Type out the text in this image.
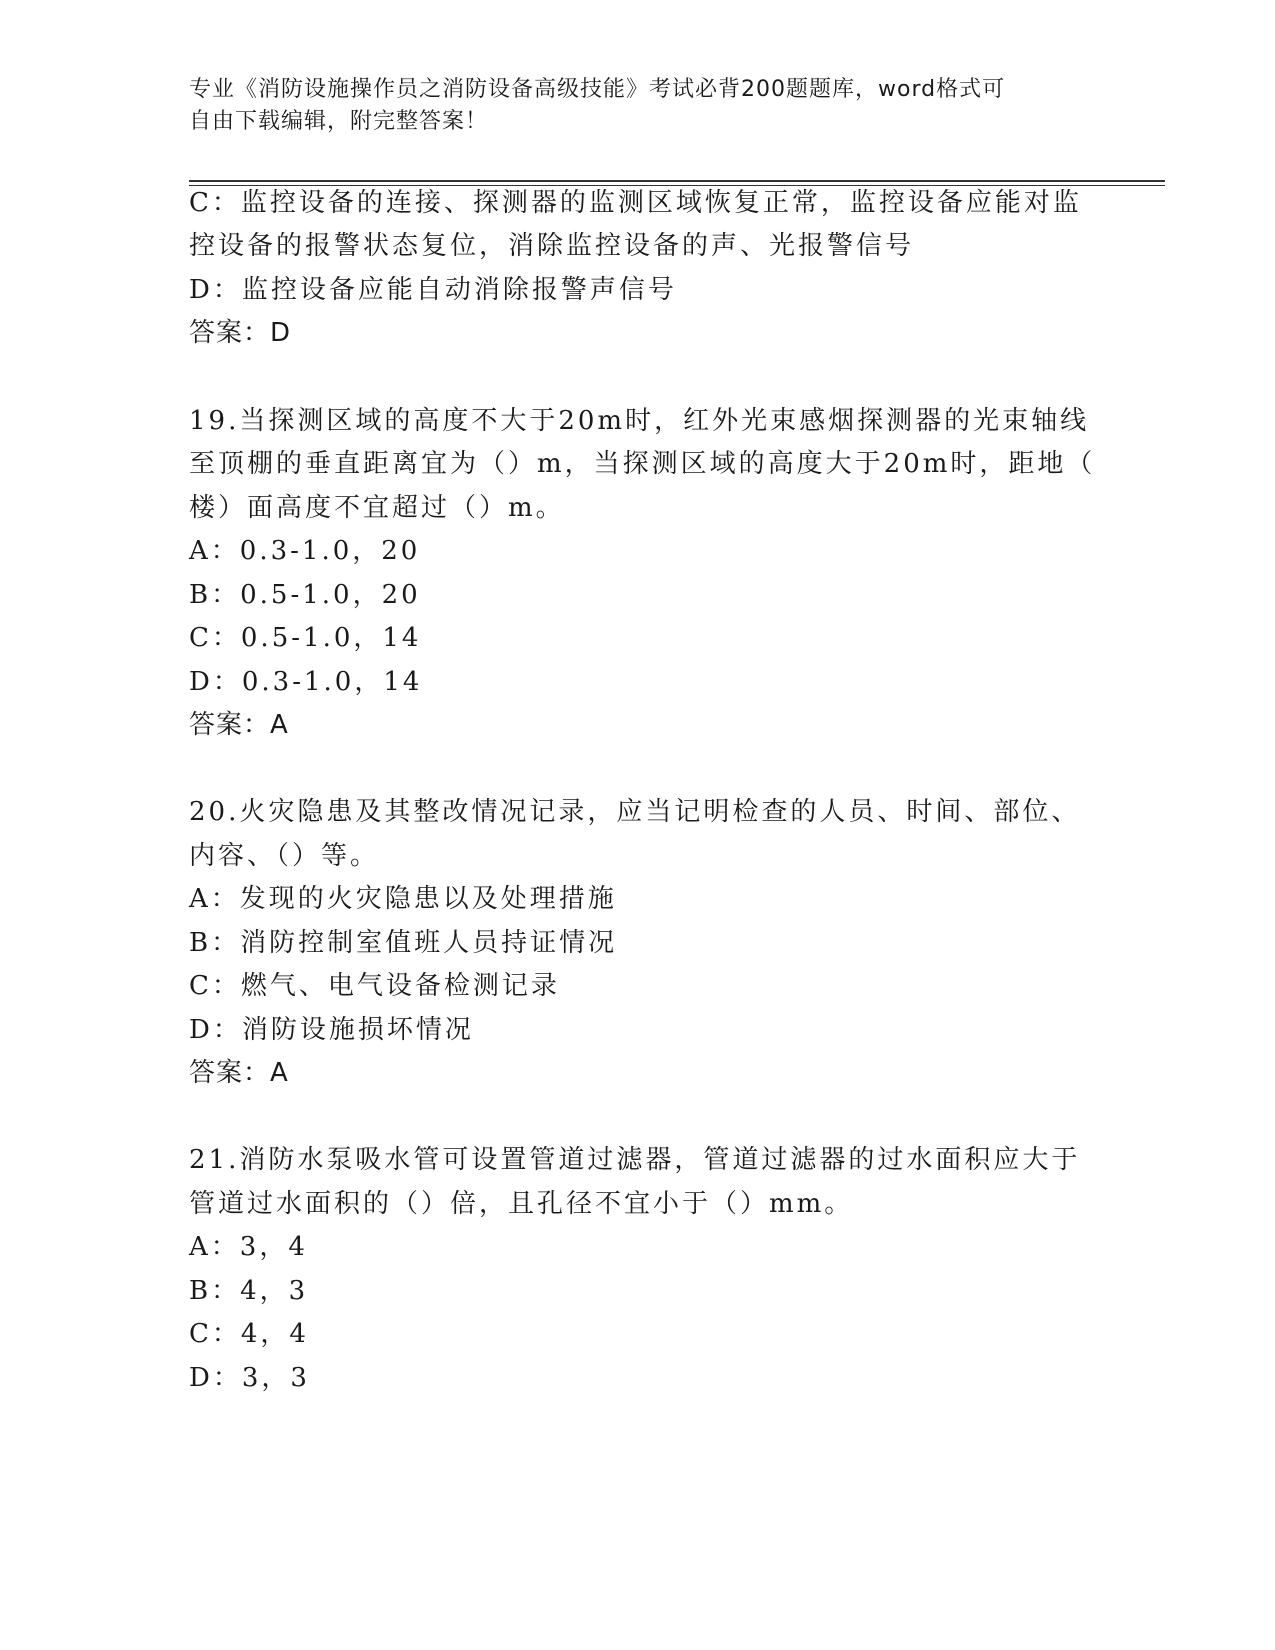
专业《消防设施操作员之消防设备高级技能》考试必背200题题库，word格式可
自由下载编辑，附完整答案！
C：监控设备的连接、探测器的监测区域恢复正常，监控设备应能对监
控设备的报警状态复位，消除监控设备的声、光报警信号
D：监控设备应能自动消除报警声信号
答案：D
19.当探测区域的高度不大于20m时，红外光束感烟探测器的光束轴线
至顶棚的垂直距离宜为（）m，当探测区域的高度大于20m时，距地（
楼）面高度不宜超过（）m。
A：0.3-1.0，20
B：0.5-1.0，20
C：0.5-1.0，14
D：0.3-1.0，14
答案：A
20.火灾隐患及其整改情况记录，应当记明检查的人员、时间、部位、
内容、（）等。
A：发现的火灾隐患以及处理措施
B：消防控制室值班人员持证情况
C：燃气、电气设备检测记录
D：消防设施损坏情况
答案：A
21.消防水泵吸水管可设置管道过滤器，管道过滤器的过水面积应大于
管道过水面积的（）倍，且孔径不宜小于（）mm。
A：3，4
B：4，3
C：4，4
D：3，3
